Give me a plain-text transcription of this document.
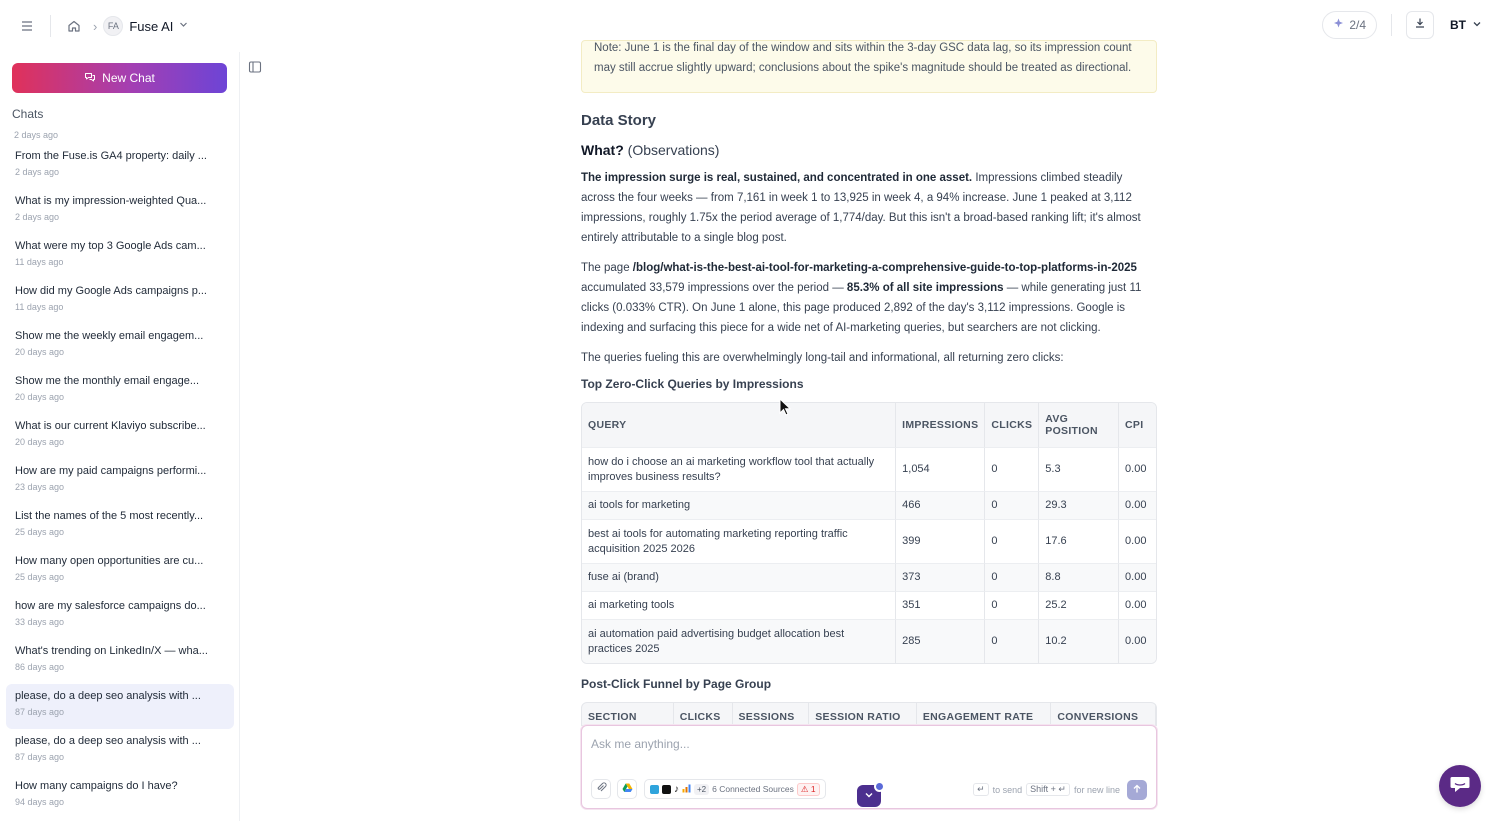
›	FA Fuse AI	2/4	BT
New Chat
Chats
2 days ago
From the Fuse.is GA4 property: daily ...
2 days ago
What is my impression-weighted Qua...
2 days ago
What were my top 3 Google Ads cam...
11 days ago
How did my Google Ads campaigns p...
11 days ago
Show me the weekly email engagem...
20 days ago
Show me the monthly email engage...
20 days ago
What is our current Klaviyo subscribe...
20 days ago
How are my paid campaigns performi...
23 days ago
List the names of the 5 most recently...
25 days ago
How many open opportunities are cu...
25 days ago
how are my salesforce campaigns do...
33 days ago
What's trending on LinkedIn/X — wha...
86 days ago
please, do a deep seo analysis with ...
87 days ago
please, do a deep seo analysis with ...
87 days ago
How many campaigns do I have?
94 days ago
Note: June 1 is the final day of the window and sits within the 3-day GSC data lag, so its impression count
may still accrue slightly upward; conclusions about the spike's magnitude should be treated as directional.
Data Story
What? (Observations)
The impression surge is real, sustained, and concentrated in one asset. Impressions climbed steadily across the four weeks — from 7,161 in week 1 to 13,925 in week 4, a 94% increase. June 1 peaked at 3,112 impressions, roughly 1.75x the period average of 1,774/day. But this isn't a broad-based ranking lift; it's almost entirely attributable to a single blog post.
The page /blog/what-is-the-best-ai-tool-for-marketing-a-comprehensive-guide-to-top-platforms-in-2025 accumulated 33,579 impressions over the period — 85.3% of all site impressions — while generating just 11 clicks (0.033% CTR). On June 1 alone, this page produced 2,892 of the day's 3,112 impressions. Google is indexing and surfacing this piece for a wide net of AI-marketing queries, but searchers are not clicking.
The queries fueling this are overwhelmingly long-tail and informational, all returning zero clicks:
Top Zero-Click Queries by Impressions
QUERY	IMPRESSIONS	CLICKS	AVG POSITION	CPI
how do i choose an ai marketing workflow tool that actually improves business results?	1,054	0	5.3	0.00
ai tools for marketing	466	0	29.3	0.00
best ai tools for automating marketing reporting traffic acquisition 2025 2026	399	0	17.6	0.00
fuse ai (brand)	373	0	8.8	0.00
ai marketing tools	351	0	25.2	0.00
ai automation paid advertising budget allocation best practices 2025	285	0	10.2	0.00
Post-Click Funnel by Page Group
SECTION	CLICKS	SESSIONS	SESSION RATIO	ENGAGEMENT RATE	CONVERSIONS
Ask me anything...
♪	+2 6 Connected Sources ⚠ 1	↵ to send Shift + ↵ for new line
